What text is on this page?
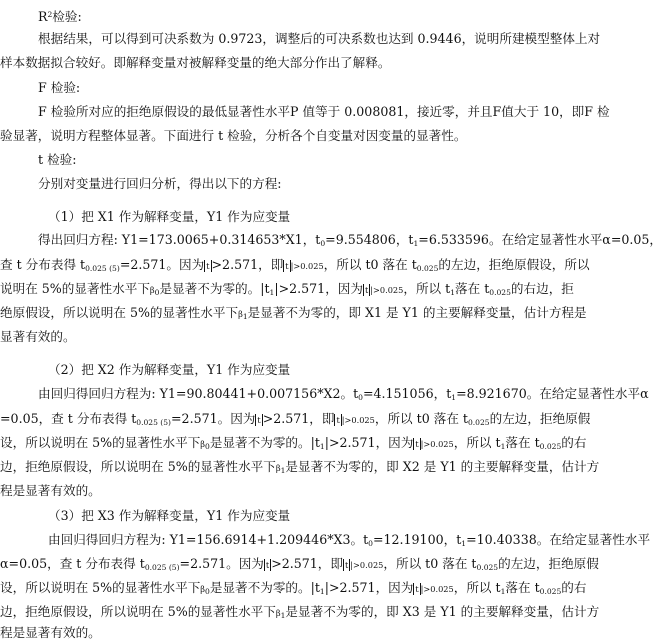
$R^2$检验:
根据结果，可以得到可决系数为 0.9723，调整后的可决系数也达到 0.9446，说明所建模型整体上对
样本数据拟合较好。即解释变量对被解释变量的绝大部分作出了解释。
F 检验:
F 检验所对应的拒绝原假设的最低显著性水平P 值等于 0.008081，接近零，并且F值大于 10，即F 检
验显著，说明方程整体显著。下面进行 t 检验，分析各个自变量对因变量的显著性。
t 检验:
分别对变量进行回归分析，得出以下的方程:
（1）把 X1 作为解释变量，Y1 作为应变量
得出回归方程: Y1=173.0065+0.314653*X1，$t_0=9.554806$，$t_1=6.533596$。在给定显著性水平α=0.05，
查 t 分布表得 $t_{0.025 (5)}=2.571$。因为 t >2.571，即 t |>0.025，所以 t0 落在 $t_{0.025}$的左边，拒绝原假设，所以
说明在 5%的显著性水平下$\beta_0$是显著不为零的。$|t_1|>2.571$，因为 t |>0.025，所以 $t_1$落在 $t_{0.025}$的右边，拒
绝原假设，所以说明在 5%的显著性水平下$\beta_1$是显著不为零的，即 X1 是 Y1 的主要解释变量，估计方程是
显著有效的。
（2）把 X2 作为解释变量，Y1 作为应变量
由回归得回归方程为: Y1=90.80441+0.007156*X2。$t_0=4.151056$，$t_1=8.921670$。在给定显著性水平α
=0.05，查 t 分布表得 $t_{0.025 (5)}=2.571$。因为 t >2.571，即 t |>0.025，所以 t0 落在 $t_{0.025}$的左边，拒绝原假
设，所以说明在 5%的显著性水平下$\beta_0$是显著不为零的。$|t_1|>2.571$，因为 t |>0.025，所以 $t_1$落在 $t_{0.025}$的右
边，拒绝原假设，所以说明在 5%的显著性水平下$\beta_1$是显著不为零的，即 X2 是 Y1 的主要解释变量，估计方
程是显著有效的。
（3）把 X3 作为解释变量，Y1 作为应变量
由回归得回归方程为: Y1=156.6914+1.209446*X3。$t_0=12.19100$，$t_1=10.40338$。在给定显著性水平
α=0.05，查 t 分布表得 $t_{0.025 (5)}=2.571$。因为 t >2.571，即 t |>0.025，所以 t0 落在 $t_{0.025}$的左边，拒绝原假
设，所以说明在 5%的显著性水平下$\beta_0$是显著不为零的。$|t_1|>2.571$，因为 t |>0.025，所以 $t_1$落在 $t_{0.025}$的右
边，拒绝原假设，所以说明在 5%的显著性水平下$\beta_1$是显著不为零的，即 X3 是 Y1 的主要解释变量，估计方
程是显著有效的。
